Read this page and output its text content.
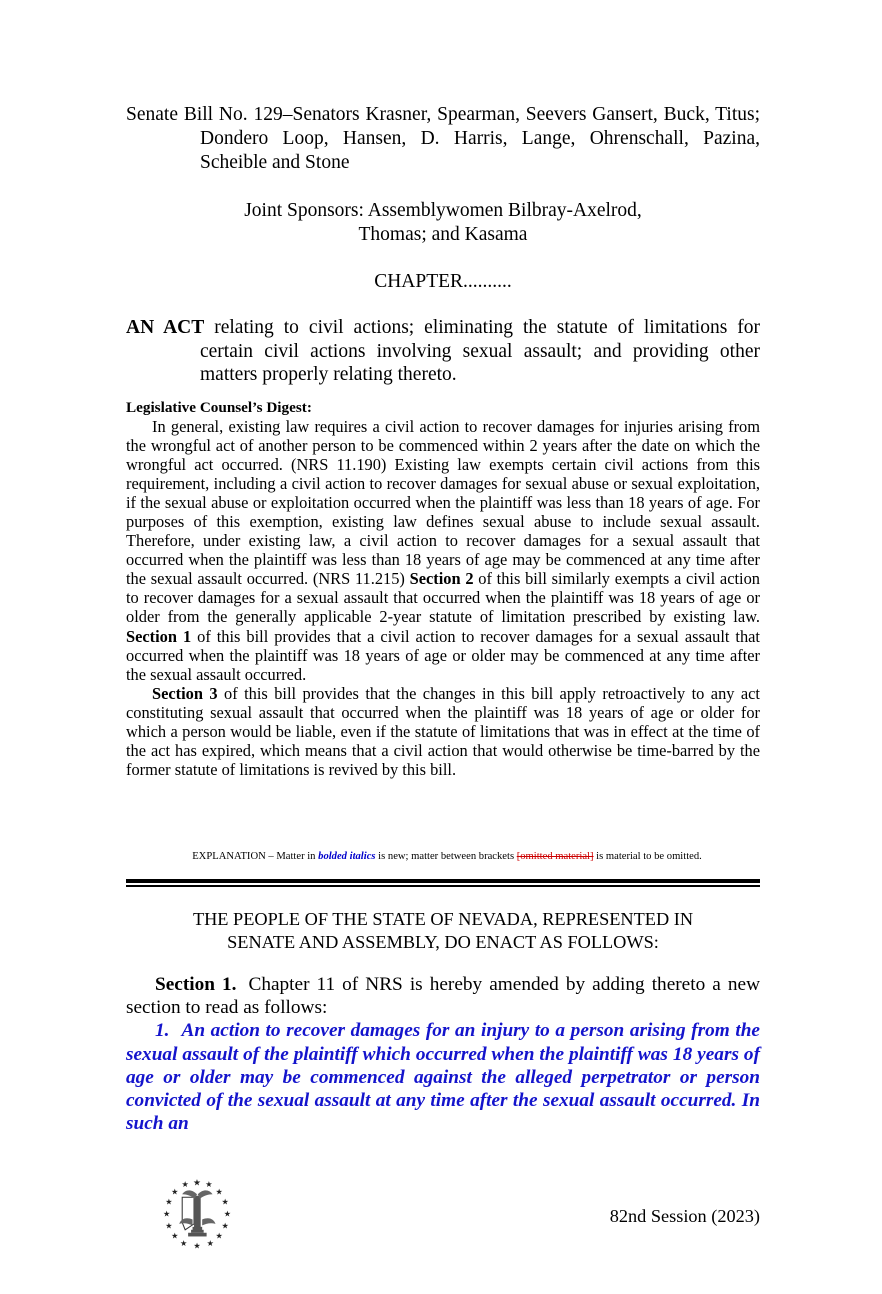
Senate Bill No. 129–Senators Krasner, Spearman, Seevers Gansert, Buck, Titus; Dondero Loop, Hansen, D. Harris, Lange, Ohrenschall, Pazina, Scheible and Stone

Joint Sponsors: Assemblywomen Bilbray-Axelrod,
Thomas; and Kasama

CHAPTER..........

AN ACT relating to civil actions; eliminating the statute of limitations for certain civil actions involving sexual assault; and providing other matters properly relating thereto.

Legislative Counsel’s Digest:

In general, existing law requires a civil action to recover damages for injuries arising from the wrongful act of another person to be commenced within 2 years after the date on which the wrongful act occurred. (NRS 11.190) Existing law exempts certain civil actions from this requirement, including a civil action to recover damages for sexual abuse or sexual exploitation, if the sexual abuse or exploitation occurred when the plaintiff was less than 18 years of age. For purposes of this exemption, existing law defines sexual abuse to include sexual assault. Therefore, under existing law, a civil action to recover damages for a sexual assault that occurred when the plaintiff was less than 18 years of age may be commenced at any time after the sexual assault occurred. (NRS 11.215) Section 2 of this bill similarly exempts a civil action to recover damages for a sexual assault that occurred when the plaintiff was 18 years of age or older from the generally applicable 2-year statute of limitation prescribed by existing law. Section 1 of this bill provides that a civil action to recover damages for a sexual assault that occurred when the plaintiff was 18 years of age or older may be commenced at any time after the sexual assault occurred.

Section 3 of this bill provides that the changes in this bill apply retroactively to any act constituting sexual assault that occurred when the plaintiff was 18 years of age or older for which a person would be liable, even if the statute of limitations that was in effect at the time of the act has expired, which means that a civil action that would otherwise be time-barred by the former statute of limitations is revived by this bill.

EXPLANATION – Matter in bolded italics is new; matter between brackets [omitted material] is material to be omitted.
THE PEOPLE OF THE STATE OF NEVADA, REPRESENTED IN
SENATE AND ASSEMBLY, DO ENACT AS FOLLOWS:

Section 1. Chapter 11 of NRS is hereby amended by adding thereto a new section to read as follows:

1. An action to recover damages for an injury to a person arising from the sexual assault of the plaintiff which occurred when the plaintiff was 18 years of age or older may be commenced against the alleged perpetrator or person convicted of the sexual assault at any time after the sexual assault occurred. In such an

★
★ ★
★	★
★	★
★	★
★	★
★	★
★ ★ ★
82nd Session (2023)
